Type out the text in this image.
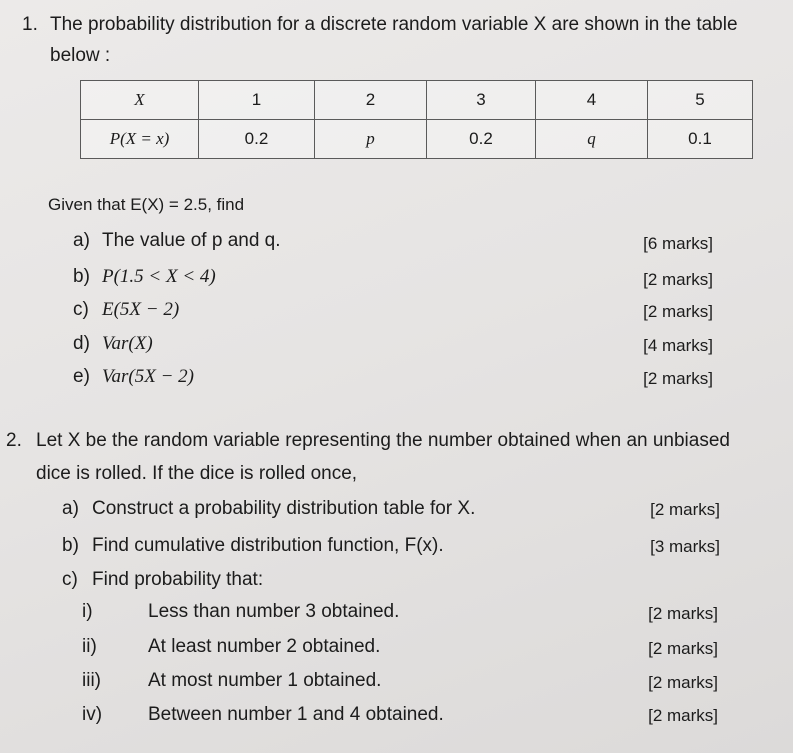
1. The probability distribution for a discrete random variable X are shown in the table
below :
X	1	2	3	4	5
P(X = x)	0.2	p	0.2	q	0.1
Given that E(X) = 2.5, find
a) The value of p and q.	[6 marks]
b) P(1.5 < X < 4)	[2 marks]
c) E(5X − 2)	[2 marks]
d) Var(X)	[4 marks]
e) Var(5X − 2)	[2 marks]
2. Let X be the random variable representing the number obtained when an unbiased
dice is rolled. If the dice is rolled once,
a) Construct a probability distribution table for X.	[2 marks]
b) Find cumulative distribution function, F(x).	[3 marks]
c) Find probability that:
i)	Less than number 3 obtained.	[2 marks]
ii)	At least number 2 obtained.	[2 marks]
iii) At most number 1 obtained.	[2 marks]
iv) Between number 1 and 4 obtained.	[2 marks]
